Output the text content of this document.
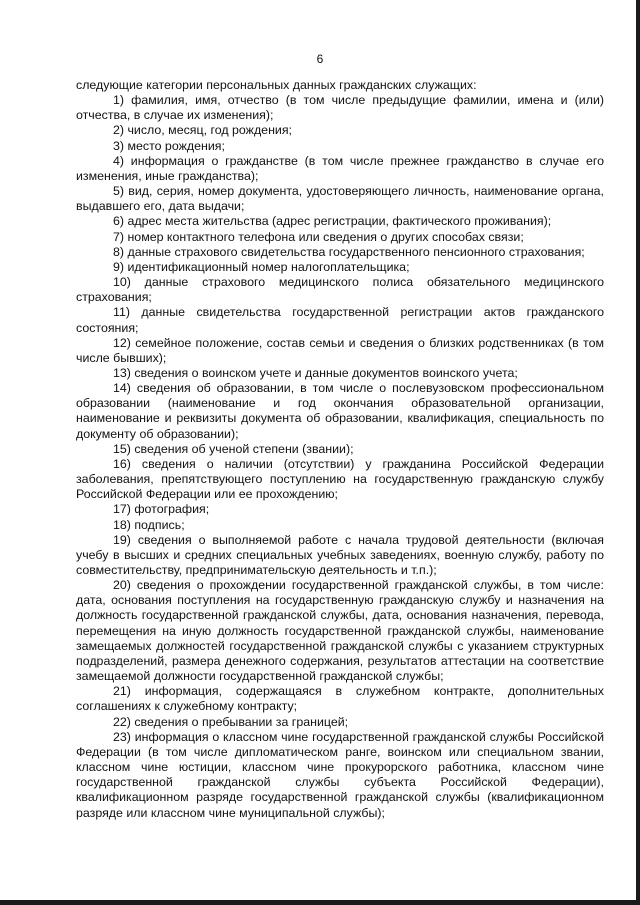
6

следующие категории персональных данных гражданских служащих:

1) фамилия, имя, отчество (в том числе предыдущие фамилии, имена и (или) отчества, в случае их изменения);

2) число, месяц, год рождения;

3) место рождения;

4) информация о гражданстве (в том числе прежнее гражданство в случае его изменения, иные гражданства);

5) вид, серия, номер документа, удостоверяющего личность, наименование органа, выдавшего его, дата выдачи;

6) адрес места жительства (адрес регистрации, фактического проживания);

7) номер контактного телефона или сведения о других способах связи;

8) данные страхового свидетельства государственного пенсионного страхования;

9) идентификационный номер налогоплательщика;

10) данные страхового медицинского полиса обязательного медицинского страхования;

11) данные свидетельства государственной регистрации актов гражданского состояния;

12) семейное положение, состав семьи и сведения о близких родственниках (в том числе бывших);

13) сведения о воинском учете и данные документов воинского учета;

14) сведения об образовании, в том числе о послевузовском профессиональном образовании (наименование и год окончания образовательной организации, наименование и реквизиты документа об образовании, квалификация, специальность по документу об образовании);

15) сведения об ученой степени (звании);

16) сведения о наличии (отсутствии) у гражданина Российской Федерации заболевания, препятствующего поступлению на государственную гражданскую службу Российской Федерации или ее прохождению;

17) фотография;

18) подпись;

19) сведения о выполняемой работе с начала трудовой деятельности (включая учебу в высших и средних специальных учебных заведениях, военную службу, работу по совместительству, предпринимательскую деятельность и т.п.);

20) сведения о прохождении государственной гражданской службы, в том числе: дата, основания поступления на государственную гражданскую службу и назначения на должность государственной гражданской службы, дата, основания назначения, перевода, перемещения на иную должность государственной гражданской службы, наименование замещаемых должностей государственной гражданской службы с указанием структурных подразделений, размера денежного содержания, результатов аттестации на соответствие замещаемой должности государственной гражданской службы;

21) информация, содержащаяся в служебном контракте, дополнительных соглашениях к служебному контракту;

22) сведения о пребывании за границей;

23) информация о классном чине государственной гражданской службы Российской Федерации (в том числе дипломатическом ранге, воинском или специальном звании, классном чине юстиции, классном чине прокурорского работника, классном чине государственной гражданской службы субъекта Российской Федерации), квалификационном разряде государственной гражданской службы (квалификационном разряде или классном чине муниципальной службы);
